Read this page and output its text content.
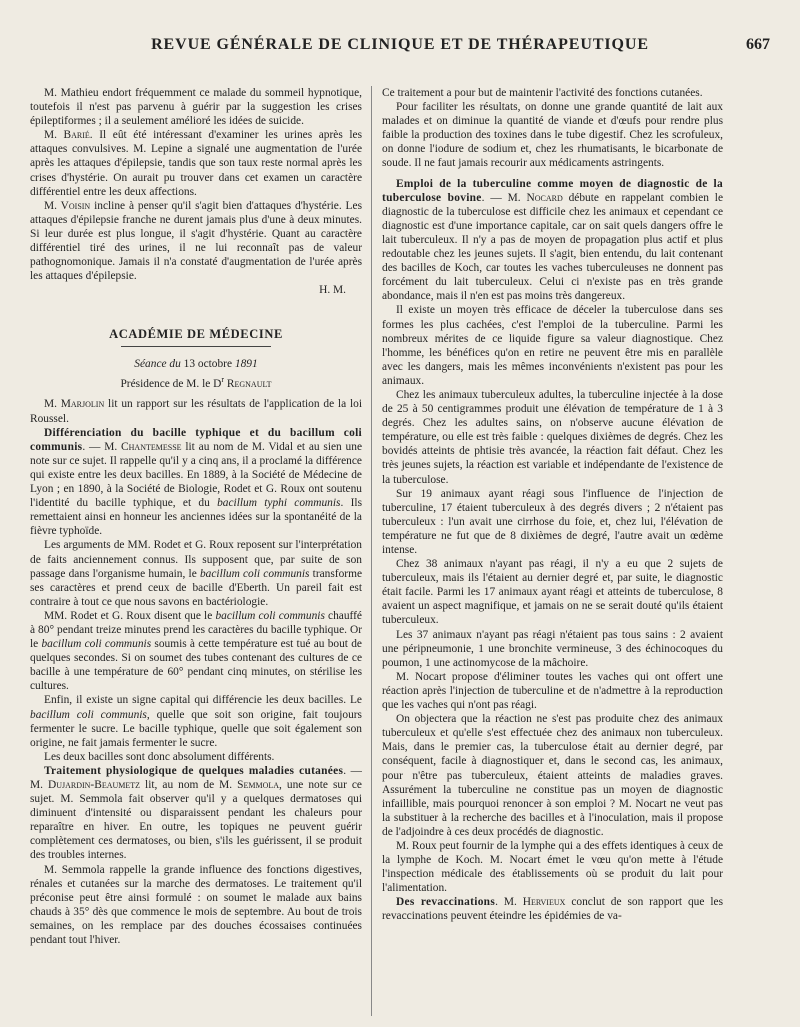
REVUE GÉNÉRALE DE CLINIQUE ET DE THÉRAPEUTIQUE	667

M. Mathieu endort fréquemment ce malade du sommeil hypnotique, toutefois il n'est pas parvenu à guérir par la suggestion les crises épileptiformes ; il a seulement amélioré les idées de suicide.

M. Barié. Il eût été intéressant d'examiner les urines après les attaques convulsives. M. Lepine a signalé une augmentation de l'urée après les attaques d'épilepsie, tandis que son taux reste normal après les crises d'hystérie. On aurait pu trouver dans cet examen un caractère différentiel entre les deux affections.

M. Voisin incline à penser qu'il s'agit bien d'attaques d'hystérie. Les attaques d'épilepsie franche ne durent jamais plus d'une à deux minutes. Si leur durée est plus longue, il s'agit d'hystérie. Quant au caractère différentiel tiré des urines, il ne lui reconnaît pas de valeur pathognomonique. Jamais il n'a constaté d'augmentation de l'urée après les attaques d'épilepsie.

H. M.

ACADÉMIE DE MÉDECINE

Séance du 13 octobre 1891

Présidence de M. le $D^r$ Regnault

M. Marjolin lit un rapport sur les résultats de l'application de la loi Roussel.

Différenciation du bacille typhique et du bacillum coli communis. — M. Chantemesse lit au nom de M. Vidal et au sien une note sur ce sujet. Il rappelle qu'il y a cinq ans, il a proclamé la différence qui existe entre les deux bacilles. En 1889, à la Société de Médecine de Lyon ; en 1890, à la Société de Biologie, Rodet et G. Roux ont soutenu l'identité du bacille typhique, et du bacillum typhi communis. Ils remettaient ainsi en honneur les anciennes idées sur la spontanéité de la fièvre typhoïde.

Les arguments de MM. Rodet et G. Roux reposent sur l'interprétation de faits anciennement connus. Ils supposent que, par suite de son passage dans l'organisme humain, le bacillum coli communis transforme ses caractères et prend ceux de bacille d'Eberth. Un pareil fait est contraire à tout ce que nous savons en bactériologie.

MM. Rodet et G. Roux disent que le bacillum coli communis chauffé à 80° pendant treize minutes prend les caractères du bacille typhique. Or le bacillum coli communis soumis à cette température est tué au bout de quelques secondes. Si on soumet des tubes contenant des cultures de ce bacille à une température de 60° pendant cinq minutes, on stérilise les cultures.

Enfin, il existe un signe capital qui différencie les deux bacilles. Le bacillum coli communis, quelle que soit son origine, fait toujours fermenter le sucre. Le bacille typhique, quelle que soit également son origine, ne fait jamais fermenter le sucre.

Les deux bacilles sont donc absolument différents.

Traitement physiologique de quelques maladies cutanées. — M. Dujardin-Beaumetz lit, au nom de M. Semmola, une note sur ce sujet. M. Semmola fait observer qu'il y a quelques dermatoses qui diminuent d'intensité ou disparaissent pendant les chaleurs pour reparaître en hiver. En outre, les topiques ne peuvent guérir complètement ces dermatoses, ou bien, s'ils les guérissent, il se produit des troubles internes.

M. Semmola rappelle la grande influence des fonctions digestives, rénales et cutanées sur la marche des dermatoses. Le traitement qu'il préconise peut être ainsi formulé : on soumet le malade aux bains chauds à 35° dès que commence le mois de septembre. Au bout de trois semaines, on les remplace par des douches écossaises continuées pendant tout l'hiver.

Ce traitement a pour but de maintenir l'activité des fonctions cutanées.

Pour faciliter les résultats, on donne une grande quantité de lait aux malades et on diminue la quantité de viande et d'œufs pour rendre plus faible la production des toxines dans le tube digestif. Chez les scrofuleux, on donne l'iodure de sodium et, chez les rhumatisants, le bicarbonate de soude. Il ne faut jamais recourir aux médicaments astringents.

Emploi de la tuberculine comme moyen de diagnostic de la tuberculose bovine. — M. Nocard débute en rappelant combien le diagnostic de la tuberculose est difficile chez les animaux et cependant ce diagnostic est d'une importance capitale, car on sait quels dangers offre le lait tuberculeux. Il n'y a pas de moyen de propagation plus actif et plus redoutable chez les jeunes sujets. Il s'agit, bien entendu, du lait contenant des bacilles de Koch, car toutes les vaches tuberculeuses ne donnent pas forcément du lait tuberculeux. Celui ci n'existe pas en très grande abondance, mais il n'en est pas moins très dangereux.

Il existe un moyen très efficace de déceler la tuberculose dans ses formes les plus cachées, c'est l'emploi de la tuberculine. Parmi les nombreux mérites de ce liquide figure sa valeur diagnostique. Chez l'homme, les bénéfices qu'on en retire ne peuvent être mis en parallèle avec les dangers, mais les mêmes inconvénients n'existent pas pour les animaux.

Chez les animaux tuberculeux adultes, la tuberculine injectée à la dose de 25 à 50 centigrammes produit une élévation de température de 1 à 3 degrés. Chez les adultes sains, on n'observe aucune élévation de température, ou elle est très faible : quelques dixièmes de degrés. Chez les bovidés atteints de phtisie très avancée, la réaction fait défaut. Chez les très jeunes sujets, la réaction est variable et indépendante de l'existence de la tuberculose.

Sur 19 animaux ayant réagi sous l'influence de l'injection de tuberculine, 17 étaient tuberculeux à des degrés divers ; 2 n'étaient pas tuberculeux : l'un avait une cirrhose du foie, et, chez lui, l'élévation de température ne fut que de 8 dixièmes de degré, l'autre avait un œdème intense.

Chez 38 animaux n'ayant pas réagi, il n'y a eu que 2 sujets de tuberculeux, mais ils l'étaient au dernier degré et, par suite, le diagnostic était facile. Parmi les 17 animaux ayant réagi et atteints de tuberculose, 8 avaient un aspect magnifique, et jamais on ne se serait douté qu'ils étaient tuberculeux.

Les 37 animaux n'ayant pas réagi n'étaient pas tous sains : 2 avaient une péripneumonie, 1 une bronchite vermineuse, 3 des échinocoques du poumon, 1 une actinomycose de la mâchoire.

M. Nocart propose d'éliminer toutes les vaches qui ont offert une réaction après l'injection de tuberculine et de n'admettre à la reproduction que les vaches qui n'ont pas réagi.

On objectera que la réaction ne s'est pas produite chez des animaux tuberculeux et qu'elle s'est effectuée chez des animaux non tuberculeux. Mais, dans le premier cas, la tuberculose était au dernier degré, par conséquent, facile à diagnostiquer et, dans le second cas, les animaux, pour n'être pas tuberculeux, étaient atteints de maladies graves. Assurément la tuberculine ne constitue pas un moyen de diagnostic infaillible, mais pourquoi renoncer à son emploi ? M. Nocart ne veut pas la substituer à la recherche des bacilles et à l'inoculation, mais il propose de l'adjoindre à ces deux procédés de diagnostic.

M. Roux peut fournir de la lymphe qui a des effets identiques à ceux de la lymphe de Koch. M. Nocart émet le vœu qu'on mette à l'étude l'inspection médicale des établissements où se produit du lait pour l'alimentation.

Des revaccinations. M. Hervieux conclut de son rapport que les revaccinations peuvent éteindre les épidémies de va-
